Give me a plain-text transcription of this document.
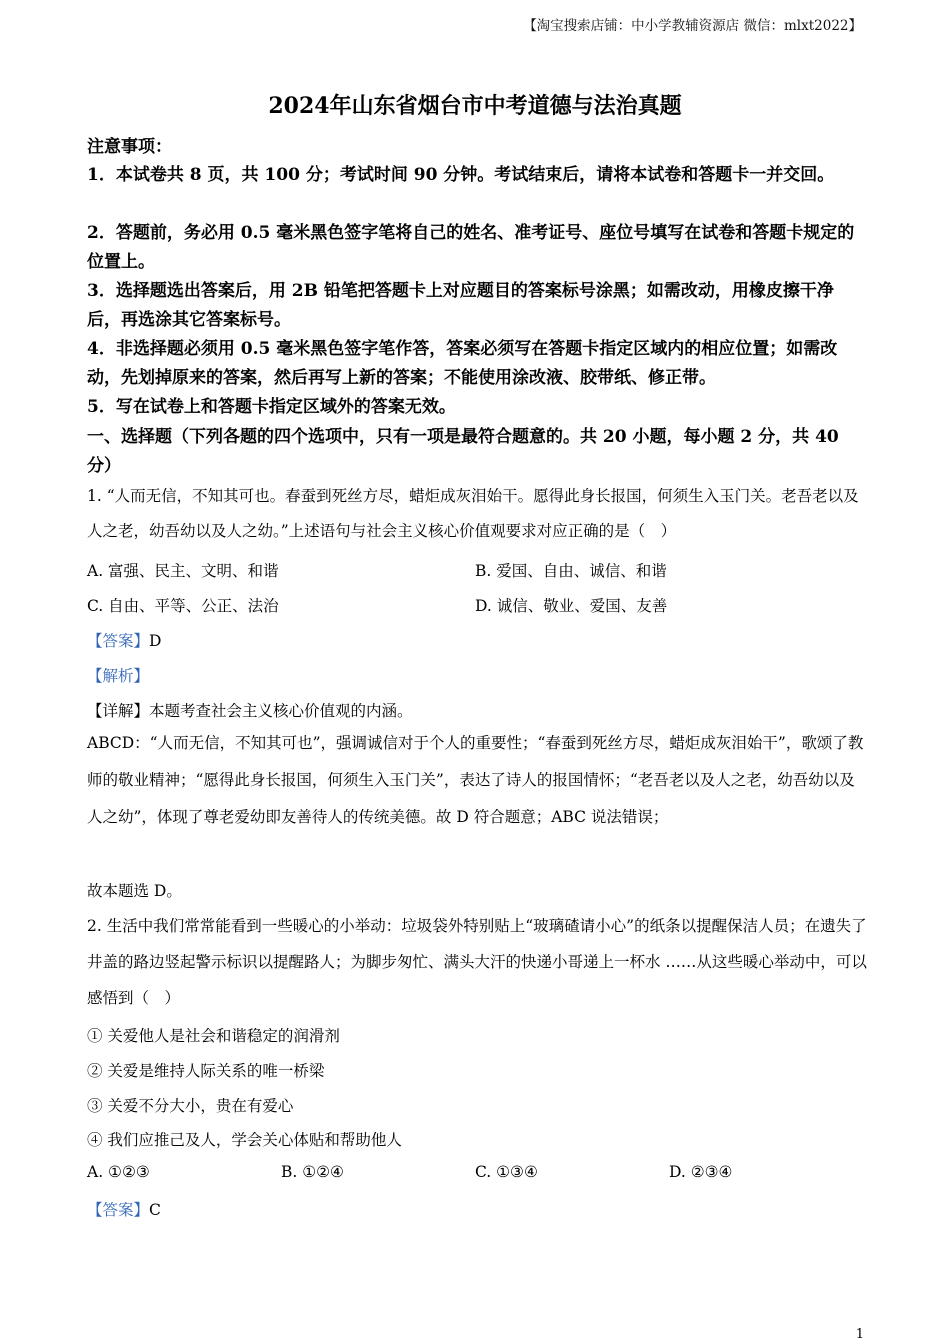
【淘宝搜索店铺：中小学教辅资源店 微信：mlxt2022】
2024年山东省烟台市中考道德与法治真题
注意事项：
1．本试卷共 8 页，共 100 分；考试时间 90 分钟。考试结束后，请将本试卷和答题卡一并交回。
2．答题前，务必用 0.5 毫米黑色签字笔将自己的姓名、准考证号、座位号填写在试卷和答题卡规定的位置上。
3．选择题选出答案后，用 2B 铅笔把答题卡上对应题目的答案标号涂黑；如需改动，用橡皮擦干净后，再选涂其它答案标号。
4．非选择题必须用 0.5 毫米黑色签字笔作答，答案必须写在答题卡指定区域内的相应位置；如需改动，先划掉原来的答案，然后再写上新的答案；不能使用涂改液、胶带纸、修正带。
5．写在试卷上和答题卡指定区域外的答案无效。
一、选择题（下列各题的四个选项中，只有一项是最符合题意的。共 20 小题，每小题 2 分，共 40 分）
1. “人而无信，不知其可也。春蚕到死丝方尽，蜡炬成灰泪始干。愿得此身长报国，何须生入玉门关。老吾老以及人之老，幼吾幼以及人之幼。”上述语句与社会主义核心价值观要求对应正确的是（　）
A. 富强、民主、文明、和谐	B. 爱国、自由、诚信、和谐
C. 自由、平等、公正、法治	D. 诚信、敬业、爱国、友善
【答案】D
【解析】
【详解】本题考查社会主义核心价值观的内涵。
ABCD：“人而无信，不知其可也”，强调诚信对于个人的重要性；“春蚕到死丝方尽，蜡炬成灰泪始干”，歌颂了教师的敬业精神；“愿得此身长报国，何须生入玉门关”，表达了诗人的报国情怀；“老吾老以及人之老，幼吾幼以及人之幼”，体现了尊老爱幼即友善待人的传统美德。故 D 符合题意；ABC 说法错误；
故本题选 D。
2. 生活中我们常常能看到一些暖心的小举动：垃圾袋外特别贴上“玻璃碴请小心”的纸条以提醒保洁人员；在遗失了井盖的路边竖起警示标识以提醒路人；为脚步匆忙、满头大汗的快递小哥递上一杯水 ……从这些暖心举动中，可以感悟到（　）
① 关爱他人是社会和谐稳定的润滑剂
② 关爱是维持人际关系的唯一桥梁
③ 关爱不分大小，贵在有爱心
④ 我们应推己及人，学会关心体贴和帮助他人
A. ①②③	B. ①②④	C. ①③④	D. ②③④
【答案】C
1
